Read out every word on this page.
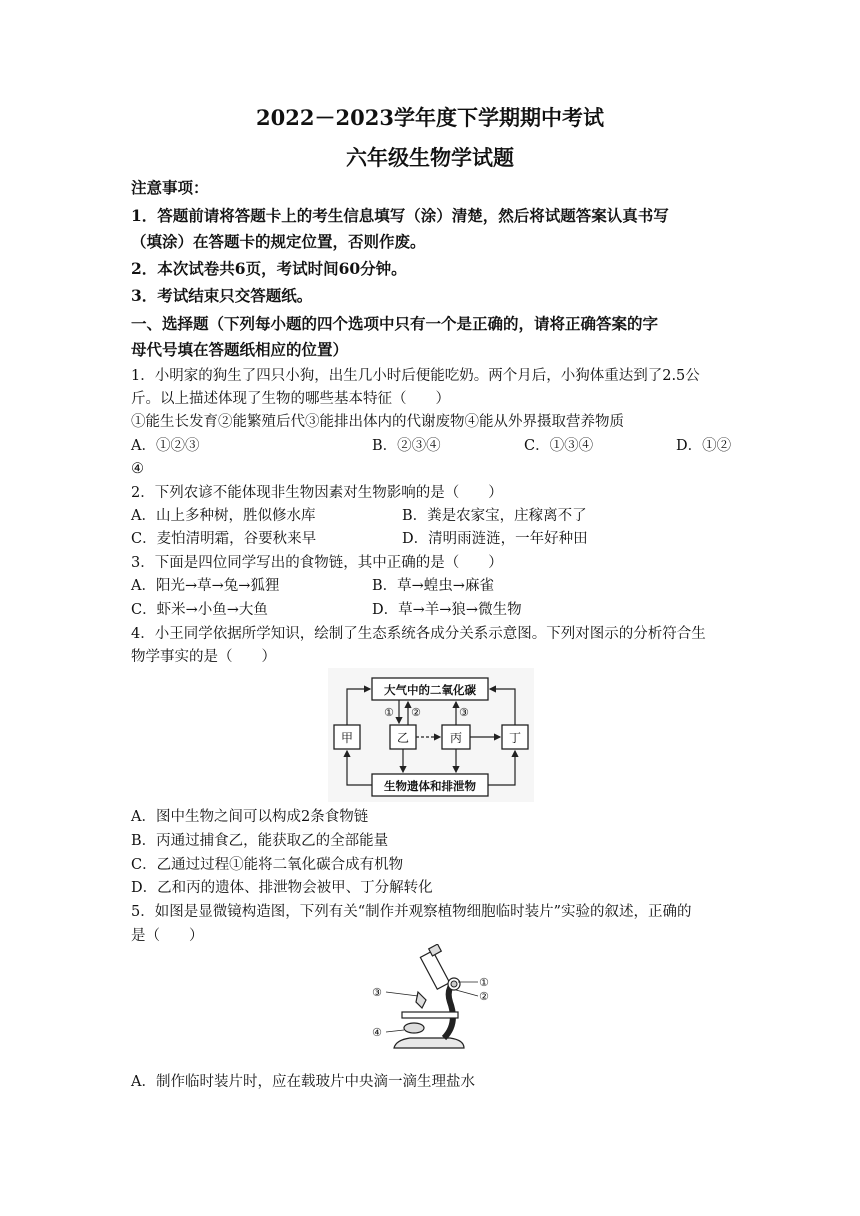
2022－2023学年度下学期期中考试
六年级生物学试题
注意事项：
1．答题前请将答题卡上的考生信息填写（涂）清楚，然后将试题答案认真书写
（填涂）在答题卡的规定位置，否则作废。
2．本次试卷共6页，考试时间60分钟。
3．考试结束只交答题纸。
一、选择题（下列每小题的四个选项中只有一个是正确的，请将正确答案的字
母代号填在答题纸相应的位置）
1．小明家的狗生了四只小狗，出生几小时后便能吃奶。两个月后，小狗体重达到了2.5公
斤。以上描述体现了生物的哪些基本特征（　　）
①能生长发育②能繁殖后代③能排出体内的代谢废物④能从外界摄取营养物质
A．①②③	B．②③④	C．①③④	D．①②
④
2．下列农谚不能体现非生物因素对生物影响的是（　　）
A．山上多种树，胜似修水库	B．粪是农家宝，庄稼离不了
C．麦怕清明霜，谷要秋来早	D．清明雨涟涟，一年好种田
3．下面是四位同学写出的食物链，其中正确的是（　　）
A．阳光→草→兔→狐狸	B．草→蝗虫→麻雀
C．虾米→小鱼→大鱼	D．草→羊→狼→微生物
4．小王同学依据所学知识，绘制了生态系统各成分关系示意图。下列对图示的分析符合生
物学事实的是（　　）
大气中的二氧化碳
生物遗体和排泄物
甲	乙	丙	丁
① ②	③
A．图中生物之间可以构成2条食物链
B．丙通过捕食乙，能获取乙的全部能量
C．乙通过过程①能将二氧化碳合成有机物
D．乙和丙的遗体、排泄物会被甲、丁分解转化
5．如图是显微镜构造图，下列有关“制作并观察植物细胞临时装片”实验的叙述，正确的
是（　　）
①
②
③
④
A．制作临时装片时，应在载玻片中央滴一滴生理盐水
